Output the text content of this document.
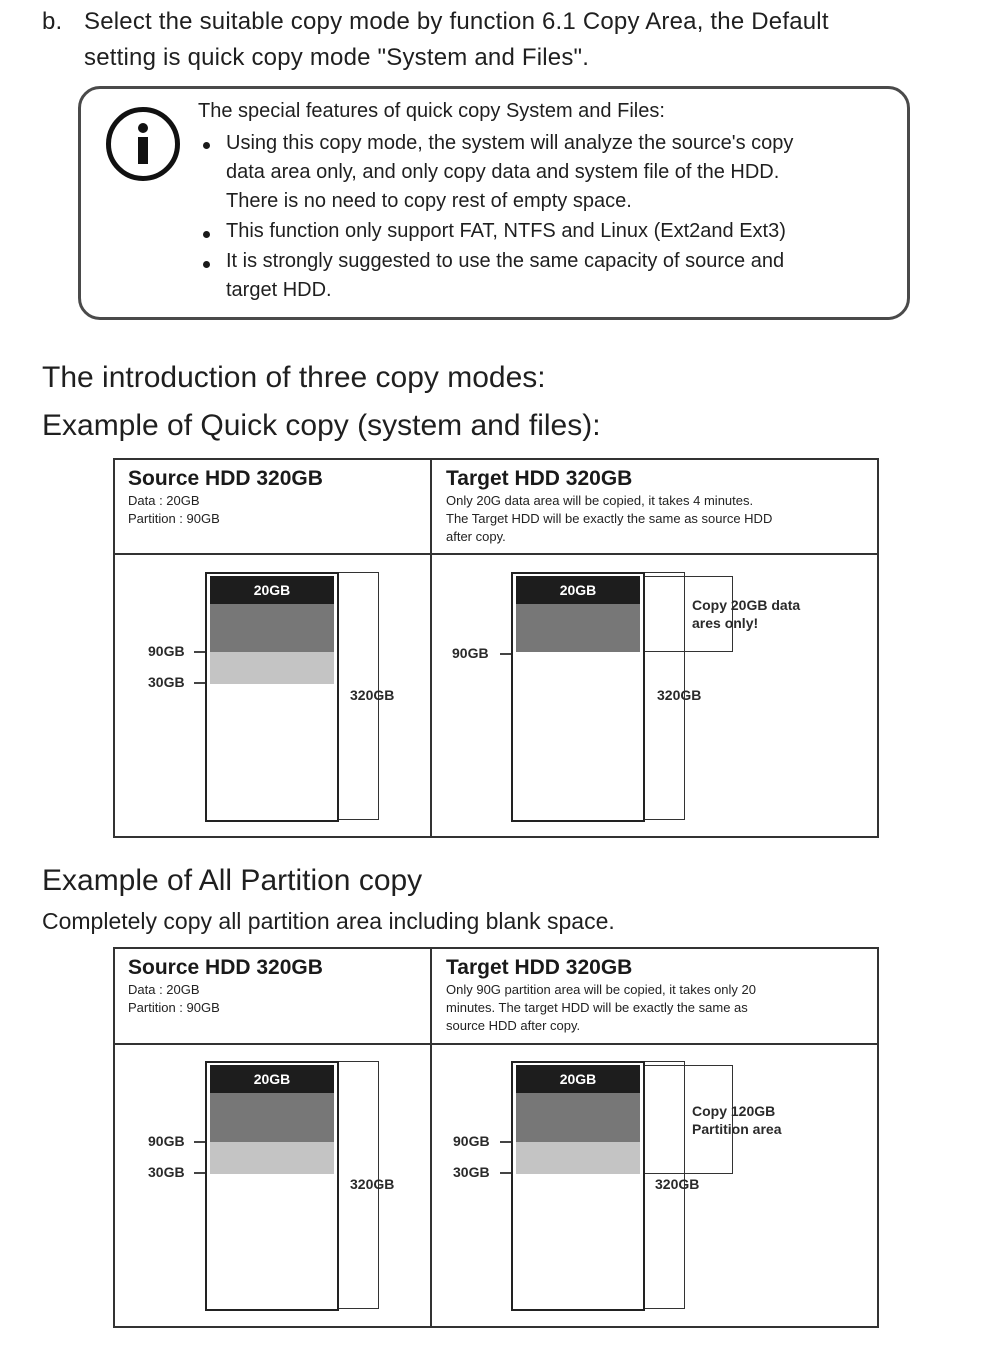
b. Select the suitable copy mode by function 6.1 Copy Area, the Default
setting is quick copy mode "System and Files".
The special features of quick copy System and Files:
Using this copy mode, the system will analyze the source's copy
data area only, and only copy data and system file of the HDD.
There is no need to copy rest of empty space.
This function only support FAT, NTFS and Linux (Ext2and Ext3)
It is strongly suggested to use the same capacity of source and
target HDD.
The introduction of three copy modes:
Example of Quick copy (system and files):
Source HDD 320GB
Data : 20GB
Partition : 90GB
Target HDD 320GB
Only 20G data area will be copied, it takes 4 minutes.
The Target HDD will be exactly the same as source HDD
after copy.
20GB
90GB
30GB
320GB
20GB
90GB
320GB
Copy 20GB data
ares only!
Example of All Partition copy
Completely copy all partition area including blank space.
Source HDD 320GB
Data : 20GB
Partition : 90GB
Target HDD 320GB
Only 90G partition area will be copied, it takes only 20
minutes. The target HDD will be exactly the same as
source HDD after copy.
20GB
90GB
30GB
320GB
20GB
90GB
30GB
320GB
Copy 120GB
Partition area
